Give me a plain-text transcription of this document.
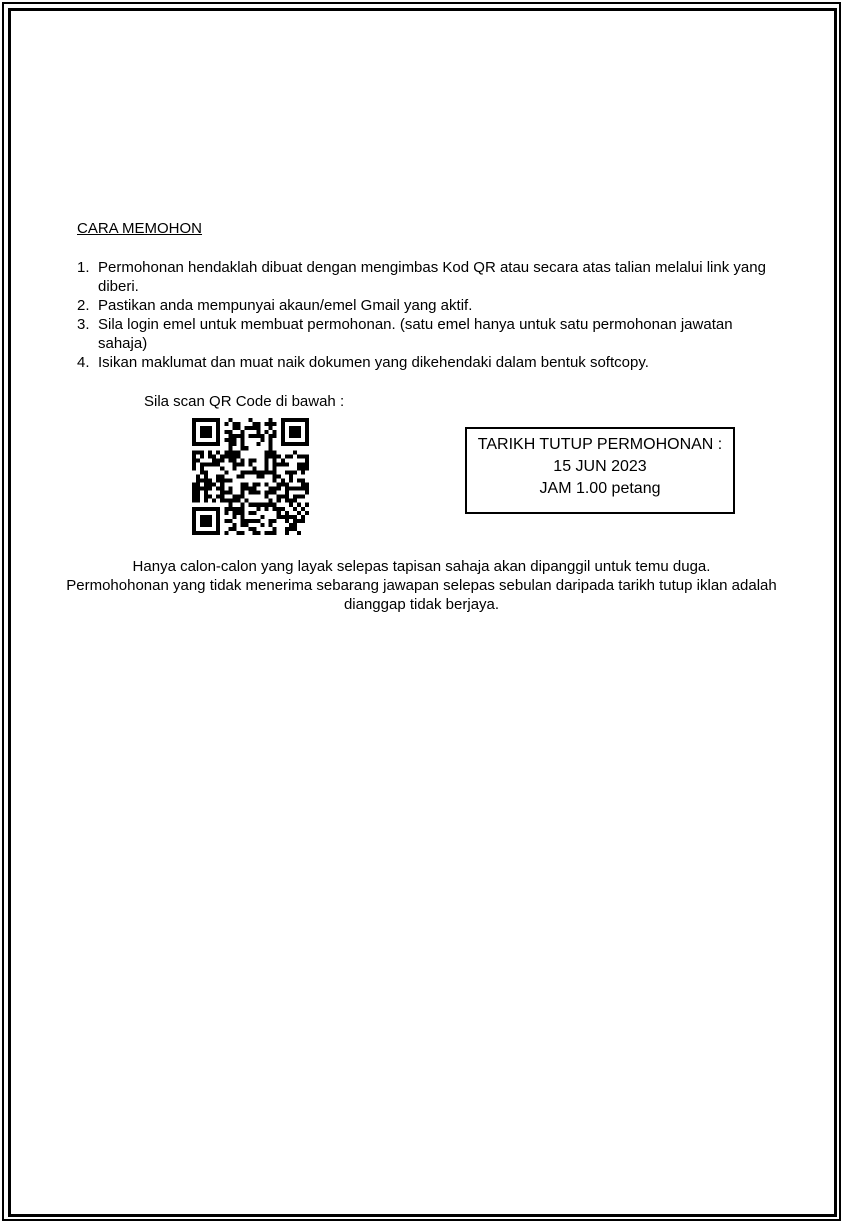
CARA MEMOHON
1. Permohonan hendaklah dibuat dengan mengimbas Kod QR atau secara atas talian melalui link yang diberi.
2. Pastikan anda mempunyai akaun/emel Gmail yang aktif.
3. Sila login emel untuk membuat permohonan. (satu emel hanya untuk satu permohonan jawatan sahaja)
4. Isikan maklumat dan muat naik dokumen yang dikehendaki dalam bentuk softcopy.
Sila scan QR Code di bawah :
TARIKH TUTUP PERMOHONAN :
15 JUN 2023
JAM 1.00 petang

Hanya calon-calon yang layak selepas tapisan sahaja akan dipanggil untuk temu duga.

Permohohonan yang tidak menerima sebarang jawapan selepas sebulan daripada tarikh tutup iklan adalah dianggap tidak berjaya.
